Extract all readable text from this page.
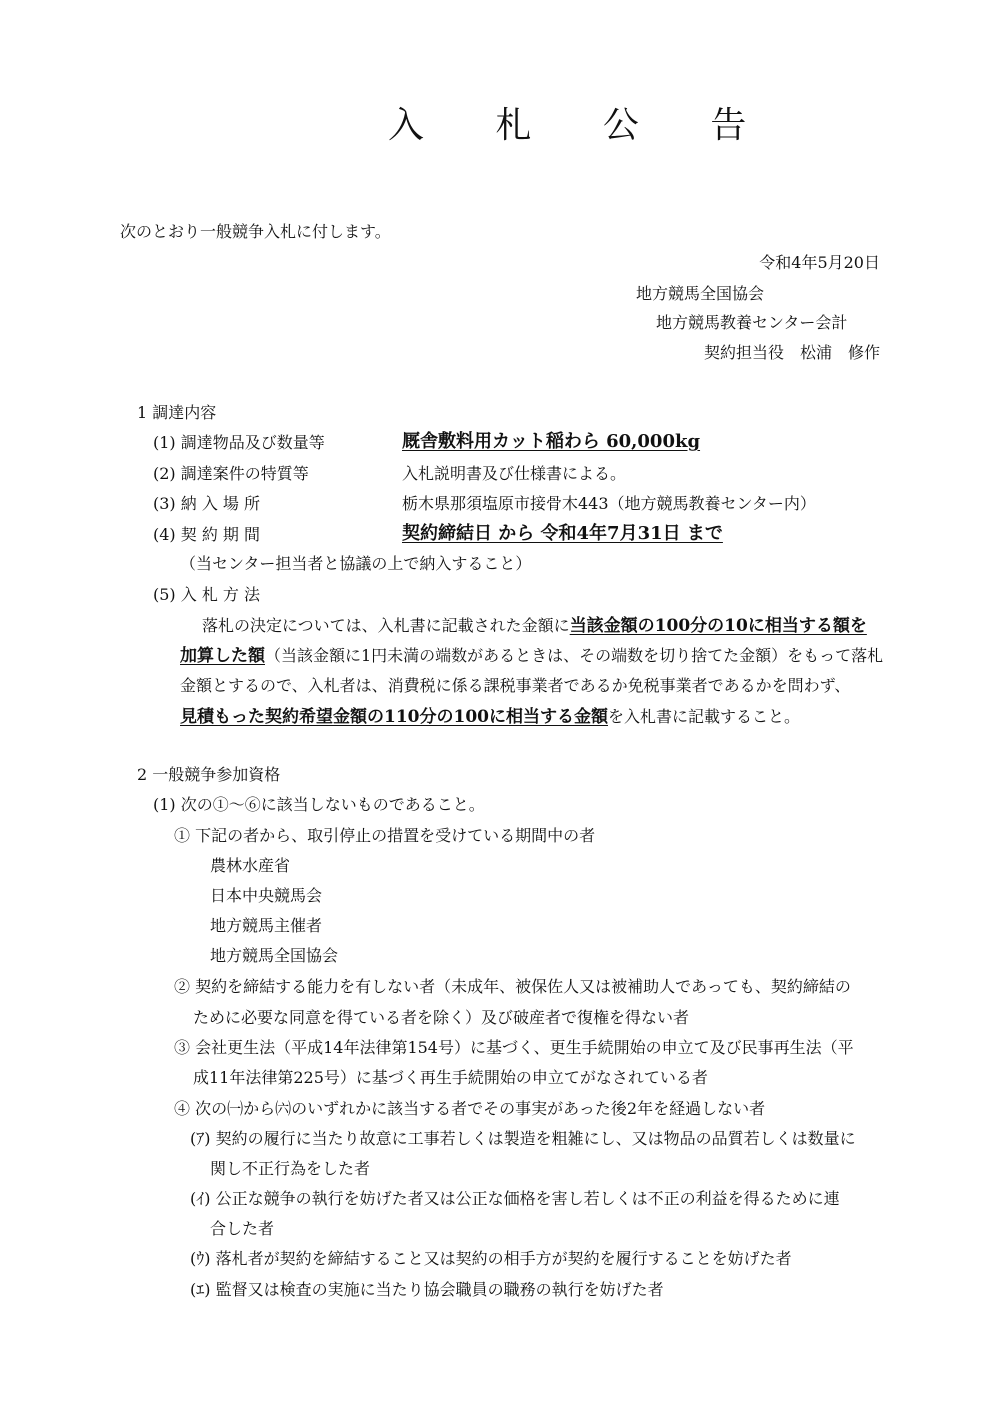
入 札 公 告
次のとおり一般競争入札に付します。
令和4年5月20日
地方競馬全国協会
地方競馬教養センター会計
契約担当役　松浦　修作
1 調達内容
(1) 調達物品及び数量等	厩舎敷料用カット稲わら 60,000kg
(2) 調達案件の特質等	入札説明書及び仕様書による。
(3) 納 入 場 所	栃木県那須塩原市接骨木443（地方競馬教養センター内）
(4) 契 約 期 間	契約締結日 から 令和4年7月31日 まで
（当センター担当者と協議の上で納入すること）
(5) 入 札 方 法
落札の決定については、入札書に記載された金額に当該金額の100分の10に相当する額を
加算した額（当該金額に1円未満の端数があるときは、その端数を切り捨てた金額）をもって落札
金額とするので、入札者は、消費税に係る課税事業者であるか免税事業者であるかを問わず、
見積もった契約希望金額の110分の100に相当する金額を入札書に記載すること。
2 一般競争参加資格
(1) 次の①～⑥に該当しないものであること。
① 下記の者から、取引停止の措置を受けている期間中の者
農林水産省
日本中央競馬会
地方競馬主催者
地方競馬全国協会
② 契約を締結する能力を有しない者（未成年、被保佐人又は被補助人であっても、契約締結の
ために必要な同意を得ている者を除く）及び破産者で復権を得ない者
③ 会社更生法（平成14年法律第154号）に基づく、更生手続開始の申立て及び民事再生法（平
成11年法律第225号）に基づく再生手続開始の申立てがなされている者
④ 次の㈠から㈥のいずれかに該当する者でその事実があった後2年を経過しない者
(ｱ) 契約の履行に当たり故意に工事若しくは製造を粗雑にし、又は物品の品質若しくは数量に
関し不正行為をした者
(ｲ) 公正な競争の執行を妨げた者又は公正な価格を害し若しくは不正の利益を得るために連
合した者
(ｳ) 落札者が契約を締結すること又は契約の相手方が契約を履行することを妨げた者
(ｴ) 監督又は検査の実施に当たり協会職員の職務の執行を妨げた者
